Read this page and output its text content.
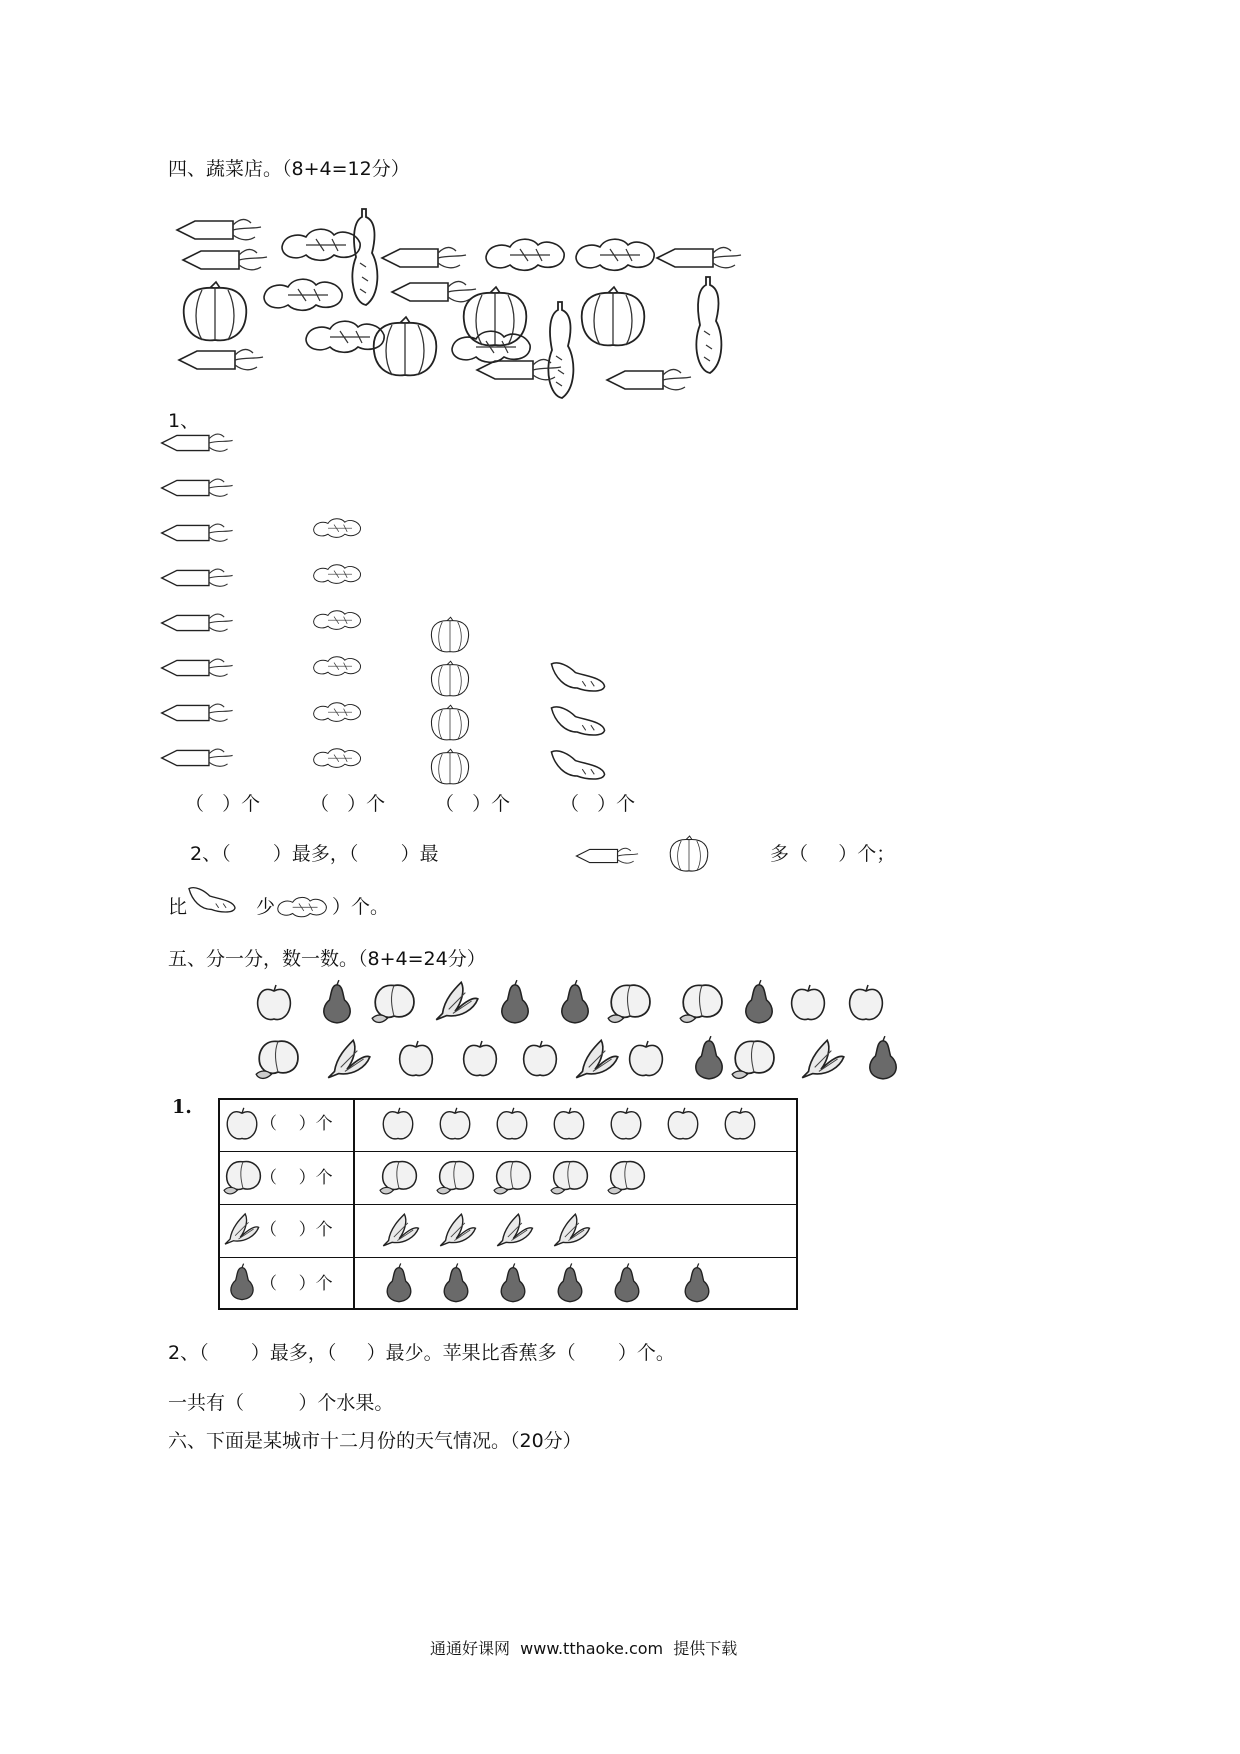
四、蔬菜店。（8+4=12分）
1、
（   ）个	（   ）个	（   ）个	（   ）个
2、（       ）最多，（       ）最	多（     ）个；
比	少	）个。
五、分一分，数一数。（8+4=24分）
1.
（    ）个
（    ）个
（    ）个
（    ）个
2、（       ）最多，（     ）最少。苹果比香蕉多（       ）个。
一共有（         ）个水果。
六、下面是某城市十二月份的天气情况。（20分）
通通好课网  www.tthaoke.com  提供下载
